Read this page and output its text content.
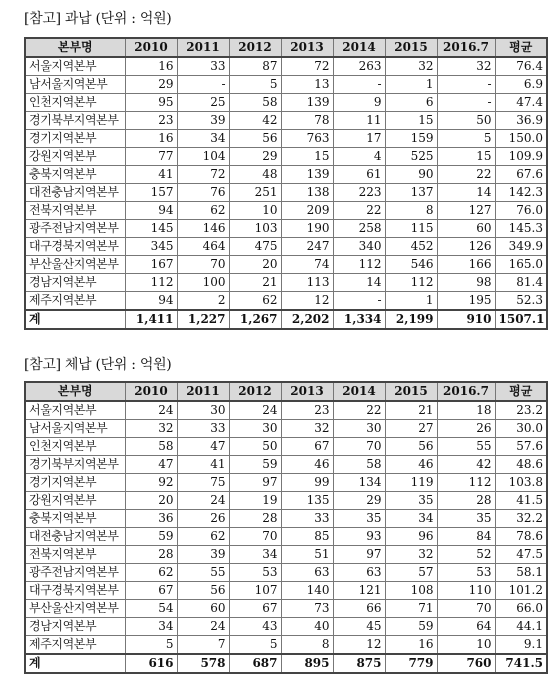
[참고] 과납 (단위 : 억원)
본부명	2010	2011	2012	2013	2014	2015	2016.7	평균
서울지역본부	16	33	87	72	263	32	32	76.4
남서울지역본부	29	-	5	13	-	1	-	6.9
인천지역본부	95	25	58	139	9	6	-	47.4
경기북부지역본부	23	39	42	78	11	15	50	36.9
경기지역본부	16	34	56	763	17	159	5	150.0
강원지역본부	77	104	29	15	4	525	15	109.9
충북지역본부	41	72	48	139	61	90	22	67.6
대전충남지역본부	157	76	251	138	223	137	14	142.3
전북지역본부	94	62	10	209	22	8	127	76.0
광주전남지역본부	145	146	103	190	258	115	60	145.3
대구경북지역본부	345	464	475	247	340	452	126	349.9
부산울산지역본부	167	70	20	74	112	546	166	165.0
경남지역본부	112	100	21	113	14	112	98	81.4
제주지역본부	94	2	62	12	-	1	195	52.3
계	1,411	1,227	1,267	2,202	1,334	2,199	910	1507.1
[참고] 체납 (단위 : 억원)
본부명	2010	2011	2012	2013	2014	2015	2016.7	평균
서울지역본부	24	30	24	23	22	21	18	23.2
남서울지역본부	32	33	30	32	30	27	26	30.0
인천지역본부	58	47	50	67	70	56	55	57.6
경기북부지역본부	47	41	59	46	58	46	42	48.6
경기지역본부	92	75	97	99	134	119	112	103.8
강원지역본부	20	24	19	135	29	35	28	41.5
충북지역본부	36	26	28	33	35	34	35	32.2
대전충남지역본부	59	62	70	85	93	96	84	78.6
전북지역본부	28	39	34	51	97	32	52	47.5
광주전남지역본부	62	55	53	63	63	57	53	58.1
대구경북지역본부	67	56	107	140	121	108	110	101.2
부산울산지역본부	54	60	67	73	66	71	70	66.0
경남지역본부	34	24	43	40	45	59	64	44.1
제주지역본부	5	7	5	8	12	16	10	9.1
계	616	578	687	895	875	779	760	741.5
